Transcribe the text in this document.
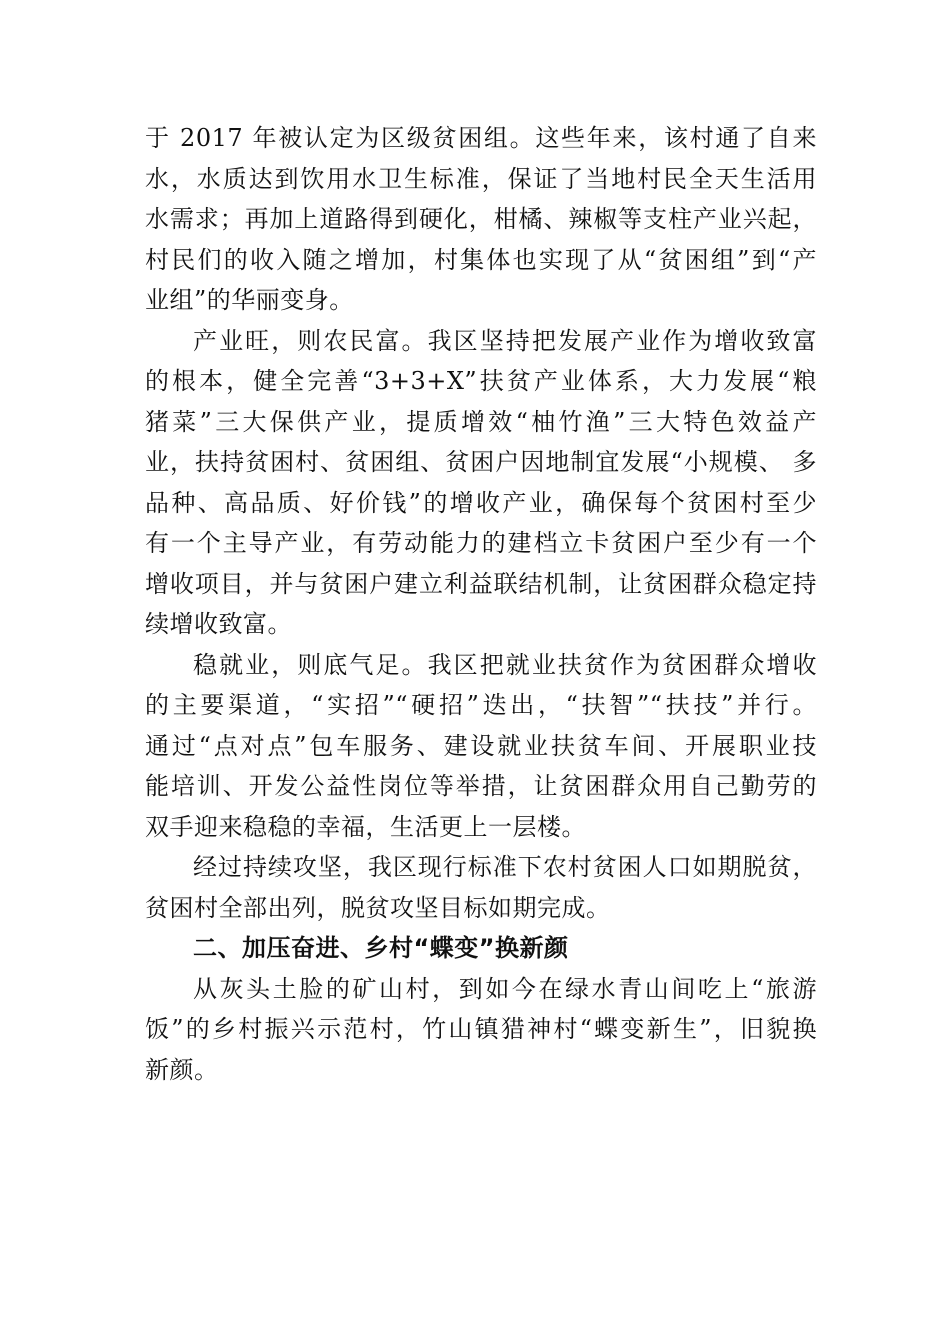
于 2017 年被认定为区级贫困组。这些年来，该村通了自来
水，水质达到饮用水卫生标准，保证了当地村民全天生活用
水需求；再加上道路得到硬化，柑橘、辣椒等支柱产业兴起，
村民们的收入随之增加，村集体也实现了从“贫困组”到“产
业组”的华丽变身。
产业旺，则农民富。我区坚持把发展产业作为增收致富
的根本，健全完善“3+3+X”扶贫产业体系，大力发展“粮
猪菜”三大保供产业，提质增效“柚竹渔”三大特色效益产
业，扶持贫困村、贫困组、贫困户因地制宜发展“小规模、 多
品种、高品质、好价钱”的增收产业，确保每个贫困村至少
有一个主导产业，有劳动能力的建档立卡贫困户至少有一个
增收项目，并与贫困户建立利益联结机制，让贫困群众稳定持
续增收致富。
稳就业，则底气足。我区把就业扶贫作为贫困群众增收
的主要渠道，“实招”“硬招”迭出，“扶智”“扶技”并行。
通过“点对点”包车服务、建设就业扶贫车间、开展职业技
能培训、开发公益性岗位等举措，让贫困群众用自己勤劳的
双手迎来稳稳的幸福，生活更上一层楼。
经过持续攻坚，我区现行标准下农村贫困人口如期脱贫，
贫困村全部出列，脱贫攻坚目标如期完成。
二、加压奋进、乡村“蝶变”换新颜
从灰头土脸的矿山村，到如今在绿水青山间吃上“旅游
饭”的乡村振兴示范村，竹山镇猎神村“蝶变新生”，旧貌换
新颜。
